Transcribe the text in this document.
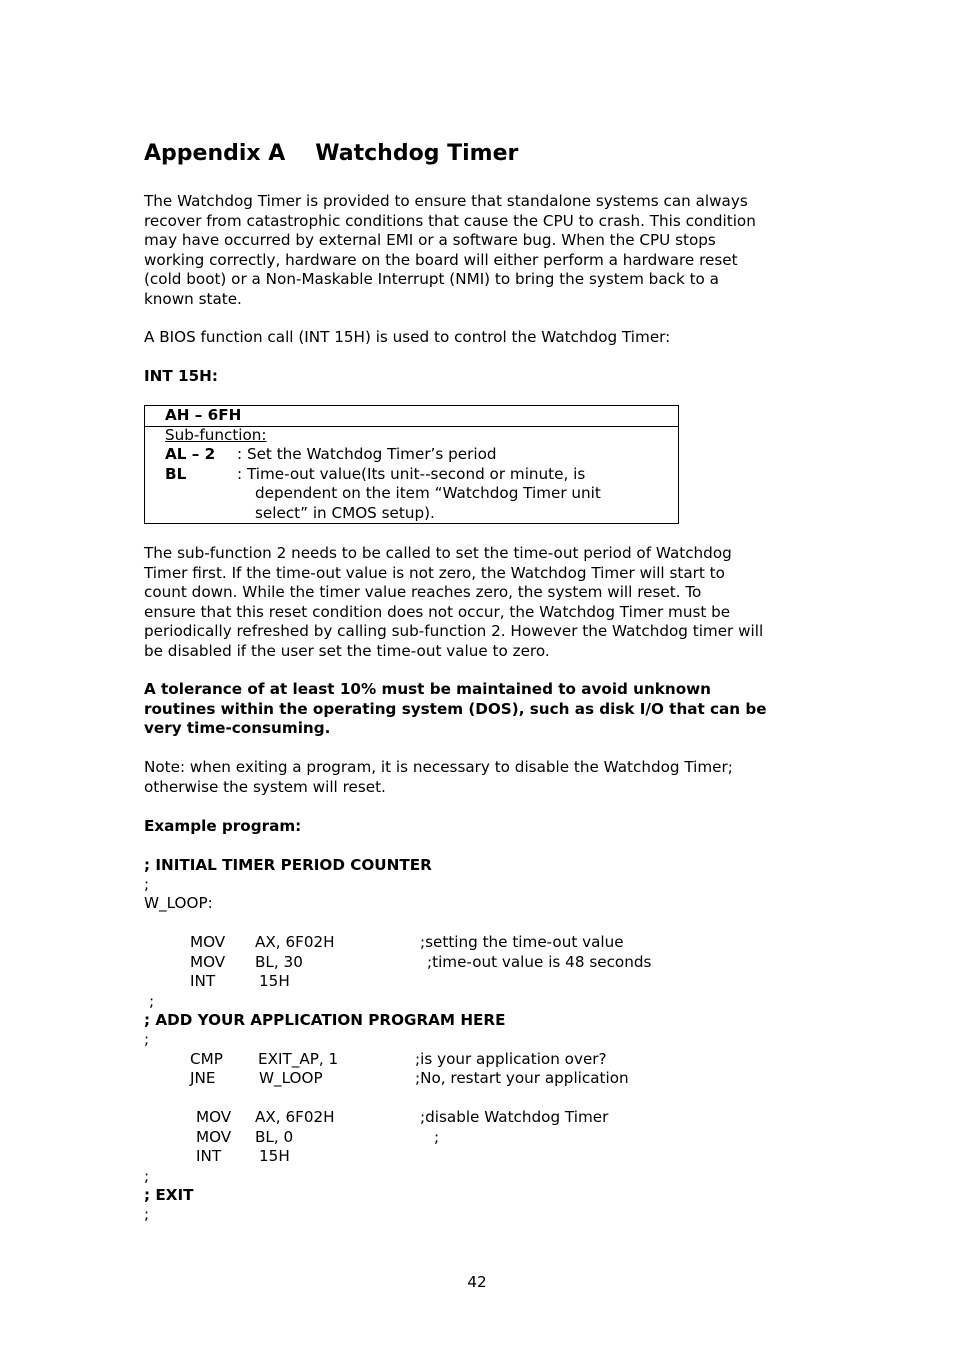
Appendix A Watchdog Timer
The Watchdog Timer is provided to ensure that standalone systems can always
recover from catastrophic conditions that cause the CPU to crash. This condition
may have occurred by external EMI or a software bug. When the CPU stops
working correctly, hardware on the board will either perform a hardware reset
(cold boot) or a Non-Maskable Interrupt (NMI) to bring the system back to a
known state.
A BIOS function call (INT 15H) is used to control the Watchdog Timer:
INT 15H:
AH – 6FH
Sub-function:
AL – 2 : Set the Watchdog Timer’s period
BL	: Time-out value(Its unit--second or minute, is
dependent on the item “Watchdog Timer unit
select” in CMOS setup).
The sub-function 2 needs to be called to set the time-out period of Watchdog
Timer first. If the time-out value is not zero, the Watchdog Timer will start to
count down. While the timer value reaches zero, the system will reset. To
ensure that this reset condition does not occur, the Watchdog Timer must be
periodically refreshed by calling sub-function 2. However the Watchdog timer will
be disabled if the user set the time-out value to zero.
A tolerance of at least 10% must be maintained to avoid unknown
routines within the operating system (DOS), such as disk I/O that can be
very time-consuming.
Note: when exiting a program, it is necessary to disable the Watchdog Timer;
otherwise the system will reset.
Example program:
; INITIAL TIMER PERIOD COUNTER
;
W_LOOP:
MOV AX, 6F02H	;setting the time-out value
MOV BL, 30	;time-out value is 48 seconds
INT	15H
;
; ADD YOUR APPLICATION PROGRAM HERE
;
CMP EXIT_AP, 1	;is your application over?
JNE	W_LOOP	;No, restart your application
MOV AX, 6F02H	;disable Watchdog Timer
MOV BL, 0	;
INT 15H
;
; EXIT
;
42
